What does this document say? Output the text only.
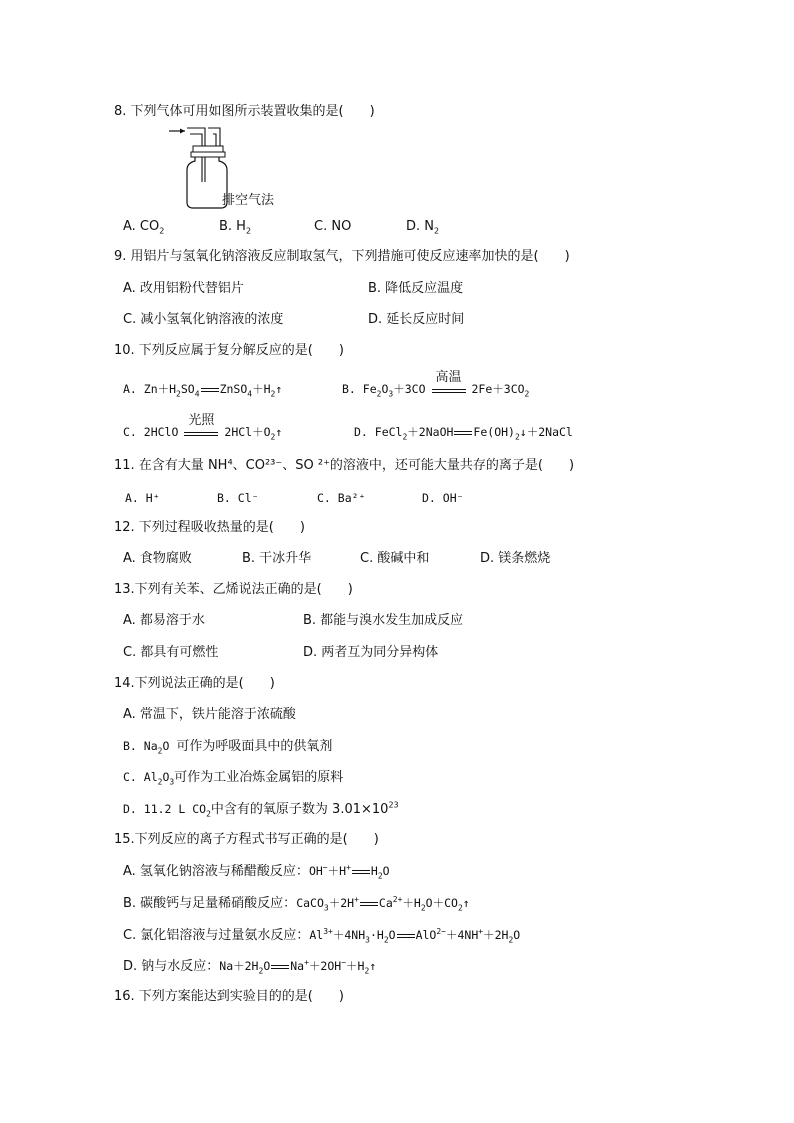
8. 下列气体可用如图所示装置收集的是(　　)
排空气法
A. $CO_2$	B. $H_2$	C. NO	D. $N_2$
9. 用铝片与氢氧化钠溶液反应制取氢气，下列措施可使反应速率加快的是(　　)
A. 改用铝粉代替铝片	B. 降低反应温度
C. 减小氢氧化钠溶液的浓度	D. 延长反应时间
10. 下列反应属于复分解反应的是(　　)
A. $Zn+H_2SO_4$ $ZnSO_4+H_2↑$	B. $Fe_2O_3+3CO$
高温
$2Fe+3CO_2$
C. 2HClO
光照
$2HCl+O_2↑$	D. FeCl$_2$＋2NaOH $Fe(OH)_2↓+2NaCl$
11. 在含有大量 NH⁴、CO²³⁻、SO ²⁺的溶液中，还可能大量共存的离子是(　　)
A. H⁺	B. Cl⁻	C. Ba²⁺	D. OH⁻
12. 下列过程吸收热量的是(　　)
A. 食物腐败	B. 干冰升华	C. 酸碱中和	D. 镁条燃烧
13.下列有关苯、乙烯说法正确的是(　　)
A. 都易溶于水	B. 都能与溴水发生加成反应
C. 都具有可燃性	D. 两者互为同分异构体
14.下列说法正确的是(　　)
A. 常温下，铁片能溶于浓硫酸
B. $Na_2O$ 可作为呼吸面具中的供氧剂
C. $Al_2O_3$可作为工业冶炼金属铝的原料
D. 11.2 L $CO_2$中含有的氧原子数为 $3.01\times 10^{23}$
15.下列反应的离子方程式书写正确的是(　　)
A. 氢氧化钠溶液与稀醋酸反应：OH−＋H+ $H_2O$
B. 碳酸钙与足量稀硝酸反应：CaCO$_3$＋2H+ $Ca^{2+}+H_2O+CO_2↑$
C. 氯化铝溶液与过量氨水反应：$Al^{3+}+4NH_3\cdot H_2O$ $AlO^{2-}+4NH^++2H_2O$
D. 钠与水反应：$Na+2H_2O$ $Na^++2OH^-+H_2↑$
16. 下列方案能达到实验目的的是(　　)
